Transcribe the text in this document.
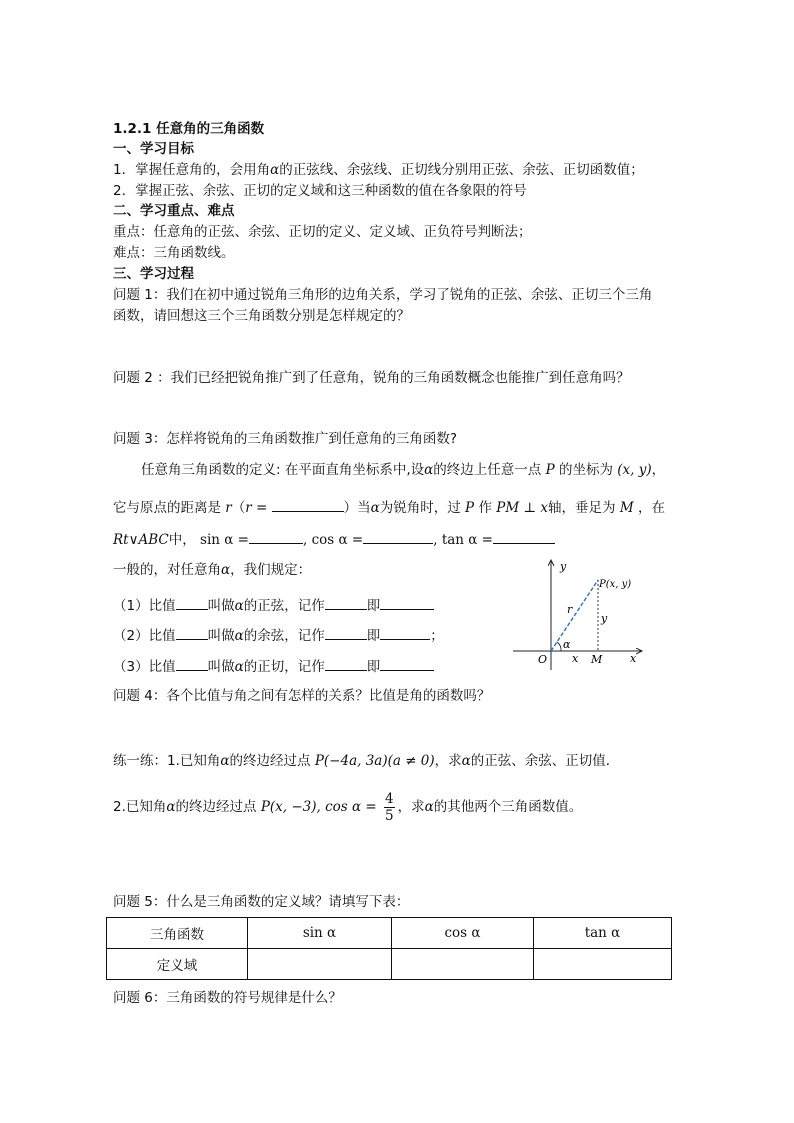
1.2.1 任意角的三角函数
一、学习目标
1．掌握任意角的，会用角α的正弦线、余弦线、正切线分别用正弦、余弦、正切函数值；
2．掌握正弦、余弦、正切的定义域和这三种函数的值在各象限的符号
二、学习重点、难点
重点：任意角的正弦、余弦、正切的定义、定义域、正负符号判断法；
难点：三角函数线。
三、学习过程
问题 1：我们在初中通过锐角三角形的边角关系，学习了锐角的正弦、余弦、正切三个三角
函数，请回想这三个三角函数分别是怎样规定的？
问题 2 ：我们已经把锐角推广到了任意角，锐角的三角函数概念也能推广到任意角吗？
问题 3：怎样将锐角的三角函数推广到任意角的三角函数?
任意角三角函数的定义: 在平面直角坐标系中,设α的终边上任意一点 P 的坐标为 (x, y)，
它与原点的距离是 r（r =	）当α为锐角时，过 P 作 PM ⊥ x轴，垂足为 M ，在
Rt∨ABC中， sin α =	, cos α =	, tan α =
一般的，对任意角α，我们规定：
（1）比值 叫做α的正弦，记作	即
（2）比值 叫做α的余弦，记作	即	；
（3）比值 叫做α的正切，记作	即
y
x
O
P(x, y)
r
y
x
α
M
问题 4：各个比值与角之间有怎样的关系？比值是角的函数吗？
练一练：1.已知角α的终边经过点 P(−4a, 3a)(a ≠ 0)，求α的正弦、余弦、正切值．
2.已知角α的终边经过点 P(x, −3), $\cos \alpha = \frac{4}{5}$ ，求α的其他两个三角函数值。
问题 5：什么是三角函数的定义域？请填写下表：
三角函数	sin α	cos α	tan α
定义域			
问题 6：三角函数的符号规律是什么？
